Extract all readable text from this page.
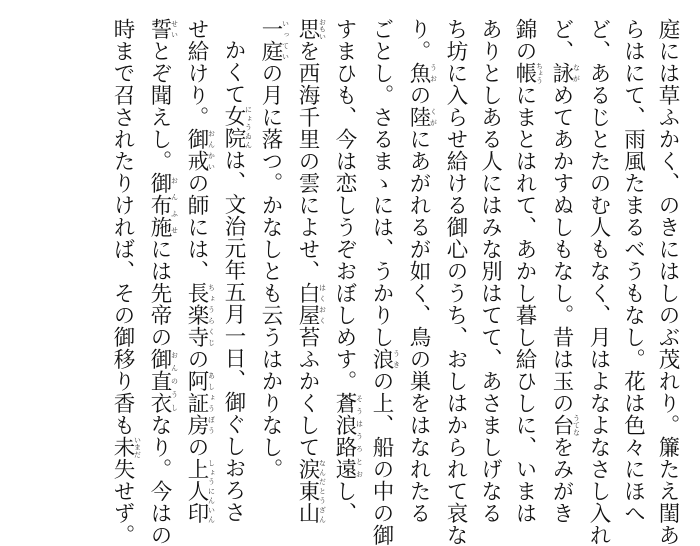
庭には草ふかく、のきにはしのぶ茂れり。簾たえ閨あ

らはにて、雨風たまるべうもなし。花は色々にほへ

ど、あるじとたのむ人もなく、月はよなよなさし入れ

ど、詠ながめてあかすぬしもなし。昔は玉の台うてなをみがき

錦の帳ちょうにまとはれて、あかし暮し給ひしに、いまは

ありとしある人にはみな別はてて、あさましげなる

ち坊に入らせ給ける御心のうち、おしはかられて哀な

り。魚うおの陸くがにあがれるが如く、鳥の巣をはなれたる

ごとし。さるまゝには、うかりし浪うきの上、船の中の御

すまひも、今は恋しうぞおぼしめす。蒼浪路遠そうはうろとおし、

思おもいを西海千里の雲によせ、白屋はくおく苔ふかくして涙東山なんだとうざん

一庭いっていの月に落つ。かなしとも云うはかりなし。

かくて女院にょうゐんは、文治元年五月一日、御ぐしおろさ

せ給けり。御戒おんかいの師には、長楽寺ちょうらくじの阿証房あしょうぼうの上人印しょうにんいん

誓せいとぞ聞えし。御布施おんふせには先帝の御直衣おんのうしなり。今はの

時まで召されたりければ、その御移り香も未いまだ失せず。
